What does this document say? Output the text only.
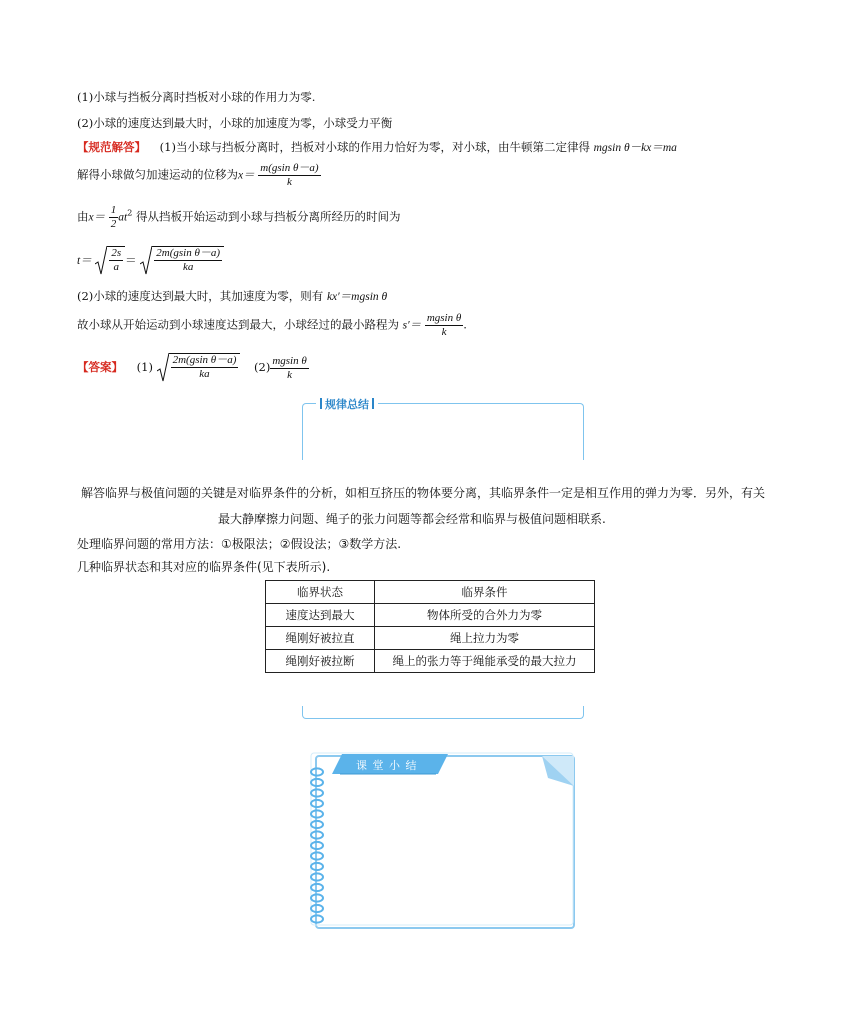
(1)小球与挡板分离时挡板对小球的作用力为零.
(2)小球的速度达到最大时，小球的加速度为零，小球受力平衡
【规范解答】 (1)当小球与挡板分离时，挡板对小球的作用力恰好为零，对小球，由牛顿第二定律得 mgsin θ－kx＝ma
解得小球做匀加速运动的位移为$x= \frac{\text{m(gsin θ－a)}}{k}$
由$x= \frac{1}{2} at^2$ 得从挡板开始运动到小球与挡板分离所经历的时间为
$t= \frac{2s}{a} = \frac{\text{2m(gsin θ－a)}}{ka}$
(2)小球的速度达到最大时，其加速度为零，则有 kx′＝mgsin θ
故小球从开始运动到小球速度达到最大，小球经过的最小路程为 $s'= \frac{\text{mgsin θ}}{k}$ .
【答案】 $(1) \frac{\text{2m(gsin θ－a)}}{ka} (2) \frac{\text{mgsin θ}}{k}$
规律总结
解答临界与极值问题的关键是对临界条件的分析，如相互挤压的物体要分离，其临界条件一定是相互作用的弹力为零．另外，有关
最大静摩擦力问题、绳子的张力问题等都会经常和临界与极值问题相联系.
处理临界问题的常用方法：①极限法；②假设法；③数学方法.
几种临界状态和其对应的临界条件(见下表所示).
临界状态	临界条件
速度达到最大	物体所受的合外力为零
绳刚好被拉直	绳上拉力为零
绳刚好被拉断	绳上的张力等于绳能承受的最大拉力
课 堂 小 结
